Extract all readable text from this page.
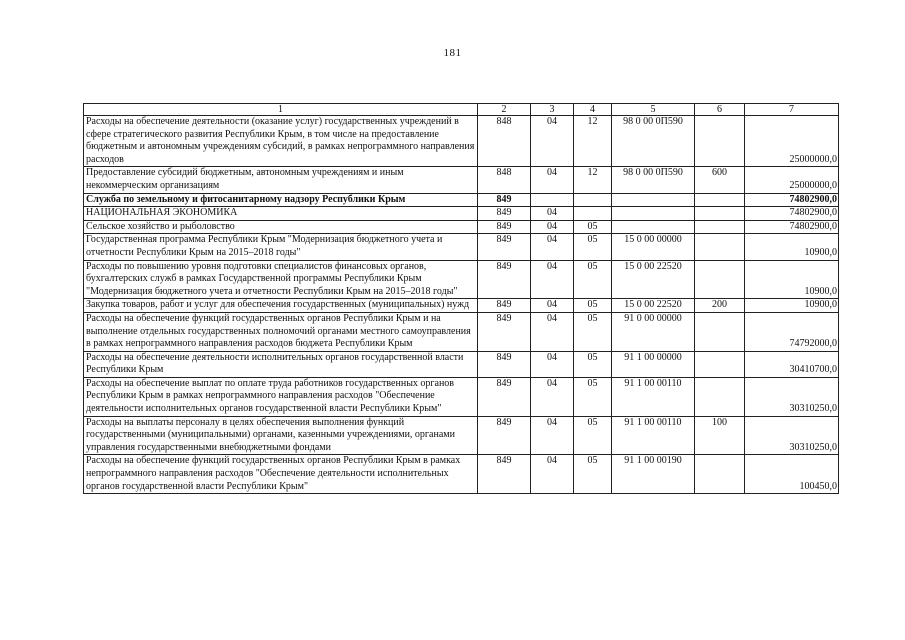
181
1	2	3	4	5	6	7
Расходы на обеспечение деятельности (оказание услуг) государственных учреждений в сфере стратегического развития Республики Крым, в том числе на предоставление бюджетным и автономным учреждениям субсидий, в рамках непрограммного направления расходов	848	04	12	98 0 00 0П590		25000000,0
Предоставление субсидий бюджетным, автономным учреждениям и иным некоммерческим организациям	848	04	12	98 0 00 0П590	600	25000000,0
Служба по земельному и фитосанитарному надзору Республики Крым	849					74802900,0
НАЦИОНАЛЬНАЯ ЭКОНОМИКА	849	04				74802900,0
Сельское хозяйство и рыболовство	849	04	05			74802900,0
Государственная программа Республики Крым "Модернизация бюджетного учета и отчетности Республики Крым на 2015–2018 годы"	849	04	05	15 0 00 00000		10900,0
Расходы по повышению уровня подготовки специалистов финансовых органов, бухгалтерских служб в рамках Государственной программы Республики Крым "Модернизация бюджетного учета и отчетности Республики Крым на 2015–2018 годы"	849	04	05	15 0 00 22520		10900,0
Закупка товаров, работ и услуг для обеспечения государственных (муниципальных) нужд	849	04	05	15 0 00 22520	200	10900,0
Расходы на обеспечение функций государственных органов Республики Крым и на выполнение отдельных государственных полномочий органами местного самоуправления в рамках непрограммного направления расходов бюджета Республики Крым	849	04	05	91 0 00 00000		74792000,0
Расходы на обеспечение деятельности исполнительных органов государственной власти Республики Крым	849	04	05	91 1 00 00000		30410700,0
Расходы на обеспечение выплат по оплате труда работников государственных органов Республики Крым в рамках непрограммного направления расходов "Обеспечение деятельности исполнительных органов государственной власти Республики Крым"	849	04	05	91 1 00 00110		30310250,0
Расходы на выплаты персоналу в целях обеспечения выполнения функций государственными (муниципальными) органами, казенными учреждениями, органами управления государственными внебюджетными фондами	849	04	05	91 1 00 00110	100	30310250,0
Расходы на обеспечение функций государственных органов Республики Крым в рамках непрограммного направления расходов "Обеспечение деятельности исполнительных органов государственной власти Республики Крым"	849	04	05	91 1 00 00190		100450,0
